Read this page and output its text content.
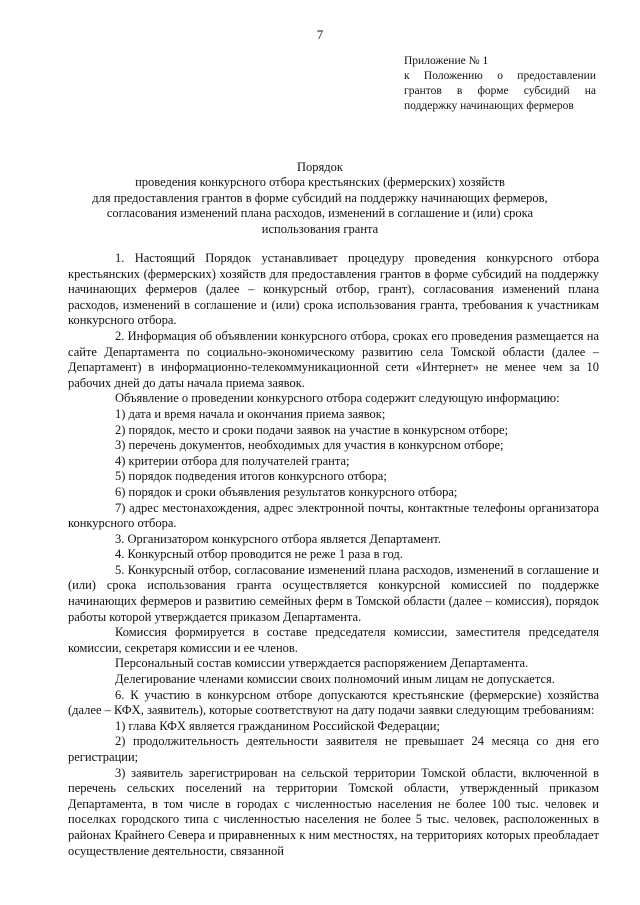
7
Приложение № 1
к Положению о предоставлении грантов в форме субсидий на поддержку начинающих фермеров
Порядок
проведения конкурсного отбора крестьянских (фермерских) хозяйств
для предоставления грантов в форме субсидий на поддержку начинающих фермеров,
согласования изменений плана расходов, изменений в соглашение и (или) срока
использования гранта

1. Настоящий Порядок устанавливает процедуру проведения конкурсного отбора крестьянских (фермерских) хозяйств для предоставления грантов в форме субсидий на поддержку начинающих фермеров (далее – конкурсный отбор, грант), согласования изменений плана расходов, изменений в соглашение и (или) срока использования гранта, требования к участникам конкурсного отбора.

2. Информация об объявлении конкурсного отбора, сроках его проведения размещается на сайте Департамента по социально-экономическому развитию села Томской области (далее – Департамент) в информационно-телекоммуникационной сети «Интернет» не менее чем за 10 рабочих дней до даты начала приема заявок.

Объявление о проведении конкурсного отбора содержит следующую информацию:

1) дата и время начала и окончания приема заявок;

2) порядок, место и сроки подачи заявок на участие в конкурсном отборе;

3) перечень документов, необходимых для участия в конкурсном отборе;

4) критерии отбора для получателей гранта;

5) порядок подведения итогов конкурсного отбора;

6) порядок и сроки объявления результатов конкурсного отбора;

7) адрес местонахождения, адрес электронной почты, контактные телефоны организатора конкурсного отбора.

3. Организатором конкурсного отбора является Департамент.

4. Конкурсный отбор проводится не реже 1 раза в год.

5. Конкурсный отбор, согласование изменений плана расходов, изменений в соглашение и (или) срока использования гранта осуществляется конкурсной комиссией по поддержке начинающих фермеров и развитию семейных ферм в Томской области (далее – комиссия), порядок работы которой утверждается приказом Департамента.

Комиссия формируется в составе председателя комиссии, заместителя председателя комиссии, секретаря комиссии и ее членов.

Персональный состав комиссии утверждается распоряжением Департамента.

Делегирование членами комиссии своих полномочий иным лицам не допускается.

6. К участию в конкурсном отборе допускаются крестьянские (фермерские) хозяйства (далее – КФХ, заявитель), которые соответствуют на дату подачи заявки следующим требованиям:

1) глава КФХ является гражданином Российской Федерации;

2) продолжительность деятельности заявителя не превышает 24 месяца со дня его регистрации;

3) заявитель зарегистрирован на сельской территории Томской области, включенной в перечень сельских поселений на территории Томской области, утвержденный приказом Департамента, в том числе в городах с численностью населения не более 100 тыс. человек и поселках городского типа с численностью населения не более 5 тыс. человек, расположенных в районах Крайнего Севера и приравненных к ним местностях, на территориях которых преобладает осуществление деятельности, связанной
